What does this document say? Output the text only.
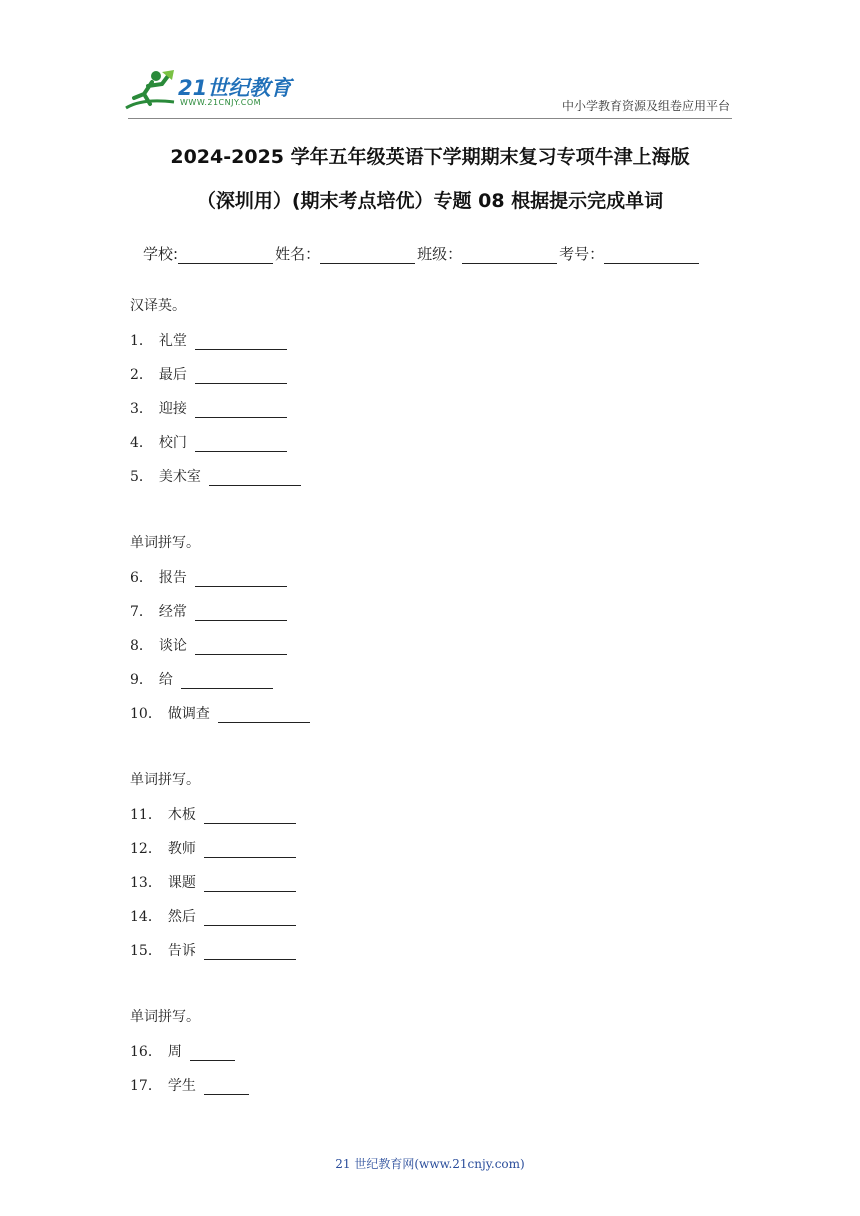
21世纪教育
WWW.21CNJY.COM	中小学教育资源及组卷应用平台
2024-2025 学年五年级英语下学期期末复习专项牛津上海版
（深圳用）(期末考点培优）专题 08 根据提示完成单词
学校:	姓名：	班级：	考号：
汉译英。
单词拼写。
单词拼写。
单词拼写。
1． 礼堂
2． 最后
3． 迎接
4． 校门
5． 美术室
6． 报告
7． 经常
8． 谈论
9． 给
10． 做调查
11． 木板
12． 教师
13． 课题
14． 然后
15． 告诉
16． 周
17． 学生
21 世纪教育网(www.21cnjy.com)
